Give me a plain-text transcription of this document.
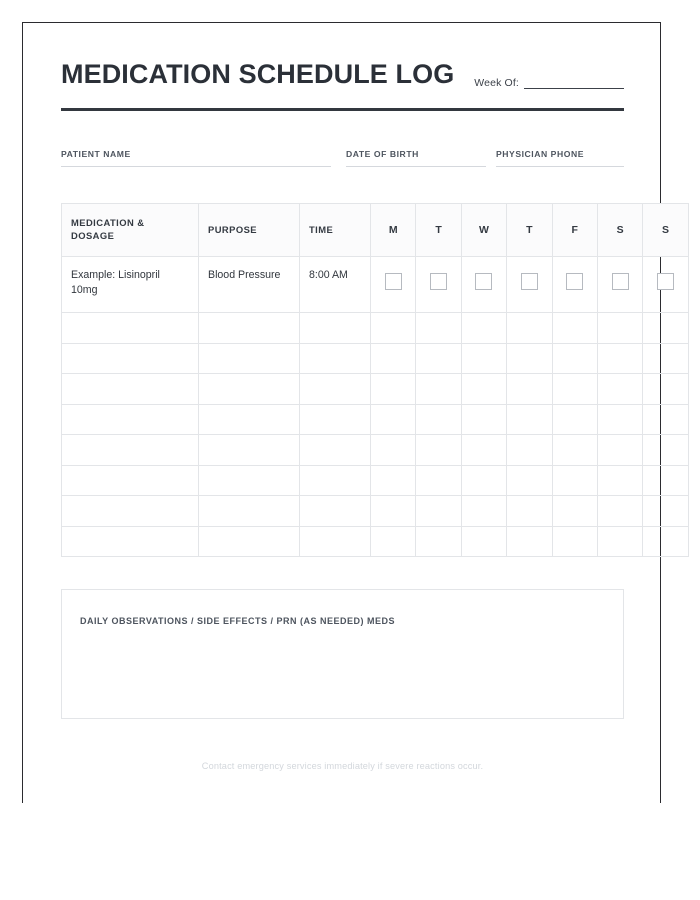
MEDICATION SCHEDULE LOG Week Of:
PATIENT NAME	DATE OF BIRTH	PHYSICIAN PHONE
MEDICATION & DOSAGE	PURPOSE	TIME	M	T	W	T	F	S	S

Example: Lisinopril 10mg	Blood Pressure	8:00 AM							

DAILY OBSERVATIONS / SIDE EFFECTS / PRN (AS NEEDED) MEDS
Contact emergency services immediately if severe reactions occur.
